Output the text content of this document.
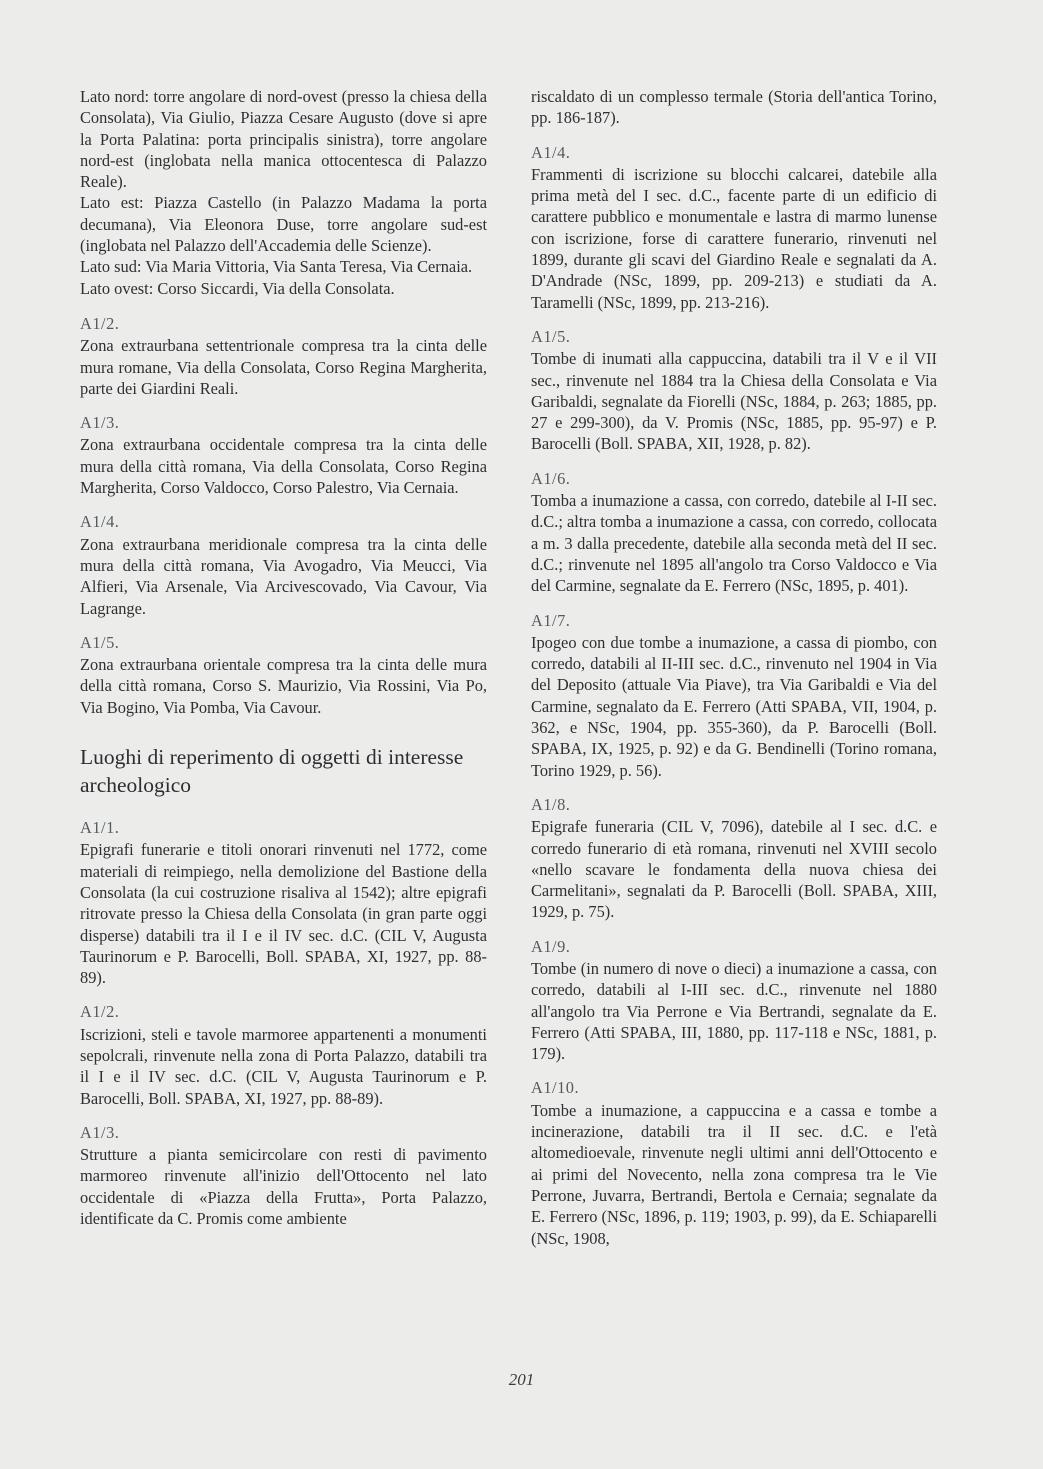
Lato nord: torre angolare di nord-ovest (presso la chiesa della Consolata), Via Giulio, Piazza Cesare Augusto (dove si apre la Porta Palatina: porta principalis sinistra), torre angolare nord-est (inglobata nella manica ottocentesca di Palazzo Reale).

Lato est: Piazza Castello (in Palazzo Madama la porta decumana), Via Eleonora Duse, torre angolare sud-est (inglobata nel Palazzo dell'Accademia delle Scienze).

Lato sud: Via Maria Vittoria, Via Santa Teresa, Via Cernaia.

Lato ovest: Corso Siccardi, Via della Consolata.

A1/2.

Zona extraurbana settentrionale compresa tra la cinta delle mura romane, Via della Consolata, Corso Regina Margherita, parte dei Giardini Reali.

A1/3.

Zona extraurbana occidentale compresa tra la cinta delle mura della città romana, Via della Consolata, Corso Regina Margherita, Corso Valdocco, Corso Palestro, Via Cernaia.

A1/4.

Zona extraurbana meridionale compresa tra la cinta delle mura della città romana, Via Avogadro, Via Meucci, Via Alfieri, Via Arsenale, Via Arcivescovado, Via Cavour, Via Lagrange.

A1/5.

Zona extraurbana orientale compresa tra la cinta delle mura della città romana, Corso S. Maurizio, Via Rossini, Via Po, Via Bogino, Via Pomba, Via Cavour.

Luoghi di reperimento di oggetti di interesse archeologico

A1/1.

Epigrafi funerarie e titoli onorari rinvenuti nel 1772, come materiali di reimpiego, nella demolizione del Bastione della Consolata (la cui costruzione risaliva al 1542); altre epigrafi ritrovate presso la Chiesa della Consolata (in gran parte oggi disperse) databili tra il I e il IV sec. d.C. (CIL V, Augusta Taurinorum e P. Barocelli, Boll. SPABA, XI, 1927, pp. 88-89).

A1/2.

Iscrizioni, steli e tavole marmoree appartenenti a monumenti sepolcrali, rinvenute nella zona di Porta Palazzo, databili tra il I e il IV sec. d.C. (CIL V, Augusta Taurinorum e P. Barocelli, Boll. SPABA, XI, 1927, pp. 88-89).

A1/3.

Strutture a pianta semicircolare con resti di pavimento marmoreo rinvenute all'inizio dell'Ottocento nel lato occidentale di «Piazza della Frutta», Porta Palazzo, identificate da C. Promis come ambiente

riscaldato di un complesso termale (Storia dell'antica Torino, pp. 186-187).

A1/4.

Frammenti di iscrizione su blocchi calcarei, datebile alla prima metà del I sec. d.C., facente parte di un edificio di carattere pubblico e monumentale e lastra di marmo lunense con iscrizione, forse di carattere funerario, rinvenuti nel 1899, durante gli scavi del Giardino Reale e segnalati da A. D'Andrade (NSc, 1899, pp. 209-213) e studiati da A. Taramelli (NSc, 1899, pp. 213-216).

A1/5.

Tombe di inumati alla cappuccina, databili tra il V e il VII sec., rinvenute nel 1884 tra la Chiesa della Consolata e Via Garibaldi, segnalate da Fiorelli (NSc, 1884, p. 263; 1885, pp. 27 e 299-300), da V. Promis (NSc, 1885, pp. 95-97) e P. Barocelli (Boll. SPABA, XII, 1928, p. 82).

A1/6.

Tomba a inumazione a cassa, con corredo, datebile al I-II sec. d.C.; altra tomba a inumazione a cassa, con corredo, collocata a m. 3 dalla precedente, datebile alla seconda metà del II sec. d.C.; rinvenute nel 1895 all'angolo tra Corso Valdocco e Via del Carmine, segnalate da E. Ferrero (NSc, 1895, p. 401).

A1/7.

Ipogeo con due tombe a inumazione, a cassa di piombo, con corredo, databili al II-III sec. d.C., rinvenuto nel 1904 in Via del Deposito (attuale Via Piave), tra Via Garibaldi e Via del Carmine, segnalato da E. Ferrero (Atti SPABA, VII, 1904, p. 362, e NSc, 1904, pp. 355-360), da P. Barocelli (Boll. SPABA, IX, 1925, p. 92) e da G. Bendinelli (Torino romana, Torino 1929, p. 56).

A1/8.

Epigrafe funeraria (CIL V, 7096), datebile al I sec. d.C. e corredo funerario di età romana, rinvenuti nel XVIII secolo «nello scavare le fondamenta della nuova chiesa dei Carmelitani», segnalati da P. Barocelli (Boll. SPABA, XIII, 1929, p. 75).

A1/9.

Tombe (in numero di nove o dieci) a inumazione a cassa, con corredo, databili al I-III sec. d.C., rinvenute nel 1880 all'angolo tra Via Perrone e Via Bertrandi, segnalate da E. Ferrero (Atti SPABA, III, 1880, pp. 117-118 e NSc, 1881, p. 179).

A1/10.

Tombe a inumazione, a cappuccina e a cassa e tombe a incinerazione, databili tra il II sec. d.C. e l'età altomedioevale, rinvenute negli ultimi anni dell'Ottocento e ai primi del Novecento, nella zona compresa tra le Vie Perrone, Juvarra, Bertrandi, Bertola e Cernaia; segnalate da E. Ferrero (NSc, 1896, p. 119; 1903, p. 99), da E. Schiaparelli (NSc, 1908,

201
